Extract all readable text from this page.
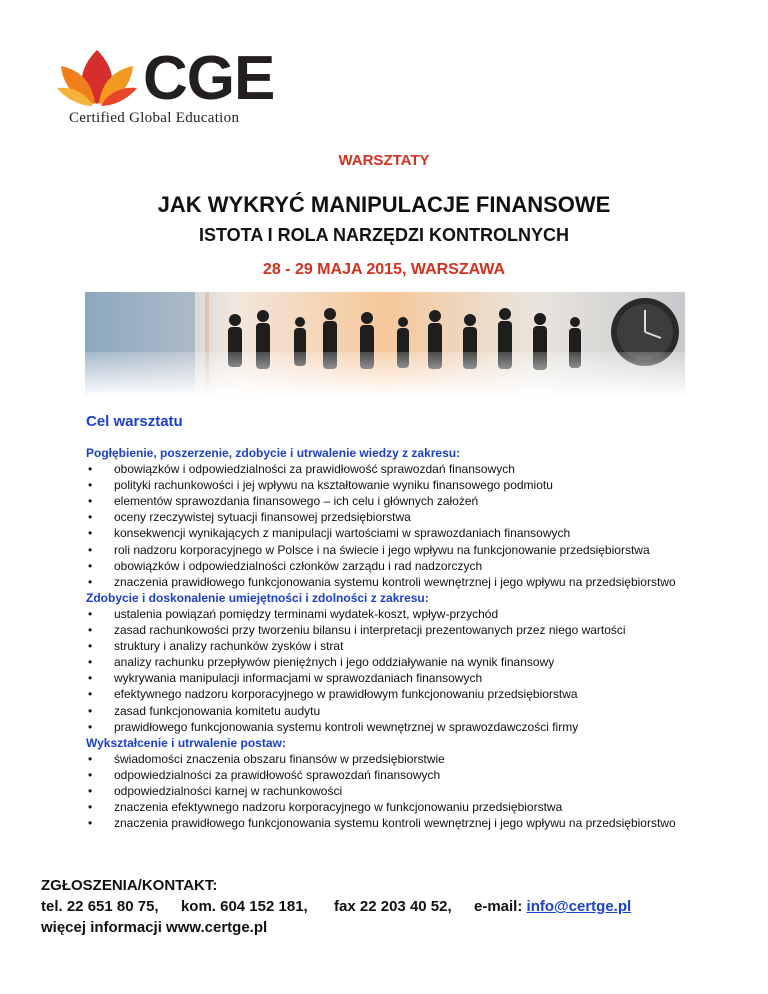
CGE
Certified Global Education
WARSZTATY
JAK WYKRYĆ MANIPULACJE FINANSOWE
ISTOTA I ROLA NARZĘDZI KONTROLNYCH
28 - 29 MAJA 2015, WARSZAWA
Cel warsztatu
Pogłębienie, poszerzenie, zdobycie i utrwalenie wiedzy z zakresu:
• obowiązków i odpowiedzialności za prawidłowość sprawozdań finansowych
• polityki rachunkowości i jej wpływu na kształtowanie wyniku finansowego podmiotu
• elementów sprawozdania finansowego – ich celu i głównych założeń
• oceny rzeczywistej sytuacji finansowej przedsiębiorstwa
• konsekwencji wynikających z manipulacji wartościami w sprawozdaniach finansowych
• roli nadzoru korporacyjnego w Polsce i na świecie i jego wpływu na funkcjonowanie przedsiębiorstwa
• obowiązków i odpowiedzialności członków zarządu i rad nadzorczych
• znaczenia prawidłowego funkcjonowania systemu kontroli wewnętrznej i jego wpływu na przedsiębiorstwo
Zdobycie i doskonalenie umiejętności i zdolności z zakresu:
• ustalenia powiązań pomiędzy terminami wydatek-koszt, wpływ-przychód
• zasad rachunkowości przy tworzeniu bilansu i interpretacji prezentowanych przez niego wartości
• struktury i analizy rachunków zysków i strat
• analizy rachunku przepływów pieniężnych i jego oddziaływanie na wynik finansowy
• wykrywania manipulacji informacjami w sprawozdaniach finansowych
• efektywnego nadzoru korporacyjnego w prawidłowym funkcjonowaniu przedsiębiorstwa
• zasad funkcjonowania komitetu audytu
• prawidłowego funkcjonowania systemu kontroli wewnętrznej w sprawozdawczości firmy
Wykształcenie i utrwalenie postaw:
• świadomości znaczenia obszaru finansów w przedsiębiorstwie
• odpowiedzialności za prawidłowość sprawozdań finansowych
• odpowiedzialności karnej w rachunkowości
• znaczenia efektywnego nadzoru korporacyjnego w funkcjonowaniu przedsiębiorstwa
• znaczenia prawidłowego funkcjonowania systemu kontroli wewnętrznej i jego wpływu na przedsiębiorstwo
ZGŁOSZENIA/KONTAKT:
tel. 22 651 80 75, kom. 604 152 181, fax 22 203 40 52, e-mail: info@certge.pl
więcej informacji www.certge.pl
